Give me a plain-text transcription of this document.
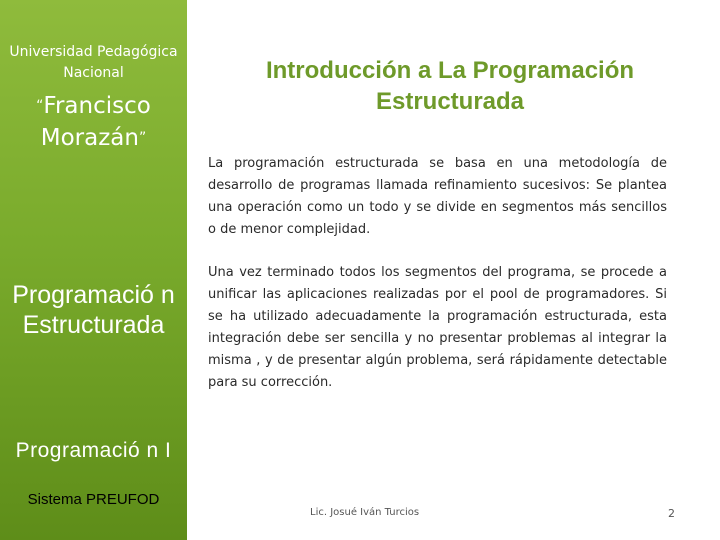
Universidad Pedagógica Nacional
“Francisco
Morazán”
Programació n Estructurada
Programació n I
Sistema PREUFOD
Introducción a La Programación Estructurada
La programación estructurada se basa en una metodología de desarrollo de programas llamada refinamiento sucesivos: Se plantea una operación como un todo y se divide en segmentos más sencillos o de menor complejidad.
Una vez terminado todos los segmentos del programa, se procede a unificar las aplicaciones realizadas por el pool de programadores. Si se ha utilizado adecuadamente la programación estructurada, esta integración debe ser sencilla y no presentar problemas al integrar la misma , y de presentar algún problema, será rápidamente detectable para su corrección.
Lic. Josué Iván Turcios	2
